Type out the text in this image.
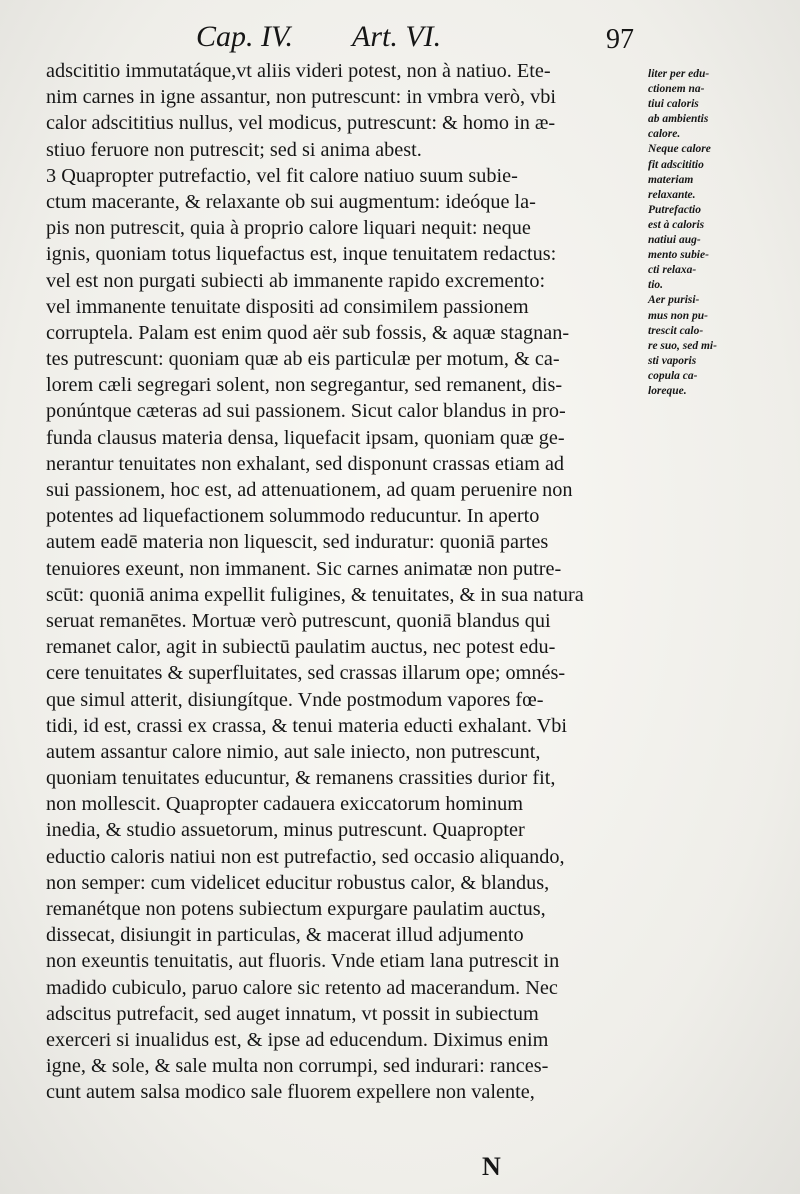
Cap. IV. Art. VI.	97
adscititio immutatáque,vt aliis videri potest, non à natiuo. Ete-
nim carnes in igne assantur, non putrescunt: in vmbra verò, vbi
calor adscititius nullus, vel modicus, putrescunt: & homo in æ-
stiuo feruore non putrescit; sed si anima abest.
3 Quapropter putrefactio, vel fit calore natiuo suum subie-
ctum macerante, & relaxante ob sui augmentum: ideóque la-
pis non putrescit, quia à proprio calore liquari nequit: neque
ignis, quoniam totus liquefactus est, inque tenuitatem redactus:
vel est non purgati subiecti ab immanente rapido excremento:
vel immanente tenuitate dispositi ad consimilem passionem
corruptela. Palam est enim quod aër sub fossis, & aquæ stagnan-
tes putrescunt: quoniam quæ ab eis particulæ per motum, & ca-
lorem cæli segregari solent, non segregantur, sed remanent, dis-
ponúntque cæteras ad sui passionem. Sicut calor blandus in pro-
funda clausus materia densa, liquefacit ipsam, quoniam quæ ge-
nerantur tenuitates non exhalant, sed disponunt crassas etiam ad
sui passionem, hoc est, ad attenuationem, ad quam peruenire non
potentes ad liquefactionem solummodo reducuntur. In aperto
autem eadē materia non liquescit, sed induratur: quoniā partes
tenuiores exeunt, non immanent. Sic carnes animatæ non putre-
scūt: quoniā anima expellit fuligines, & tenuitates, & in sua natura
seruat remanētes. Mortuæ verò putrescunt, quoniā blandus qui
remanet calor, agit in subiectū paulatim auctus, nec potest edu-
cere tenuitates & superfluitates, sed crassas illarum ope; omnés-
que simul atterit, disiungítque. Vnde postmodum vapores fœ-
tidi, id est, crassi ex crassa, & tenui materia educti exhalant. Vbi
autem assantur calore nimio, aut sale iniecto, non putrescunt,
quoniam tenuitates educuntur, & remanens crassities durior fit,
non mollescit. Quapropter cadauera exiccatorum hominum
inedia, & studio assuetorum, minus putrescunt. Quapropter
eductio caloris natiui non est putrefactio, sed occasio aliquando,
non semper: cum videlicet educitur robustus calor, & blandus,
remanétque non potens subiectum expurgare paulatim auctus,
dissecat, disiungit in particulas, & macerat illud adjumento
non exeuntis tenuitatis, aut fluoris. Vnde etiam lana putrescit in
madido cubiculo, paruo calore sic retento ad macerandum. Nec
adscitus putrefacit, sed auget innatum, vt possit in subiectum
exerceri si inualidus est, & ipse ad educendum. Diximus enim
igne, & sole, & sale multa non corrumpi, sed indurari: rances-
cunt autem salsa modico sale fluorem expellere non valente,
liter per edu-
ctionem na-
tiui caloris
ab ambientis
calore.
Neque calore
fit adscititio
materiam
relaxante.
Putrefactio
est à caloris
natiui aug-
mento subie-
cti relaxa-
tio.
Aer purisi-
mus non pu-
trescit calo-
re suo, sed mi-
sti vaporis
copula ca-
loreque.
N
